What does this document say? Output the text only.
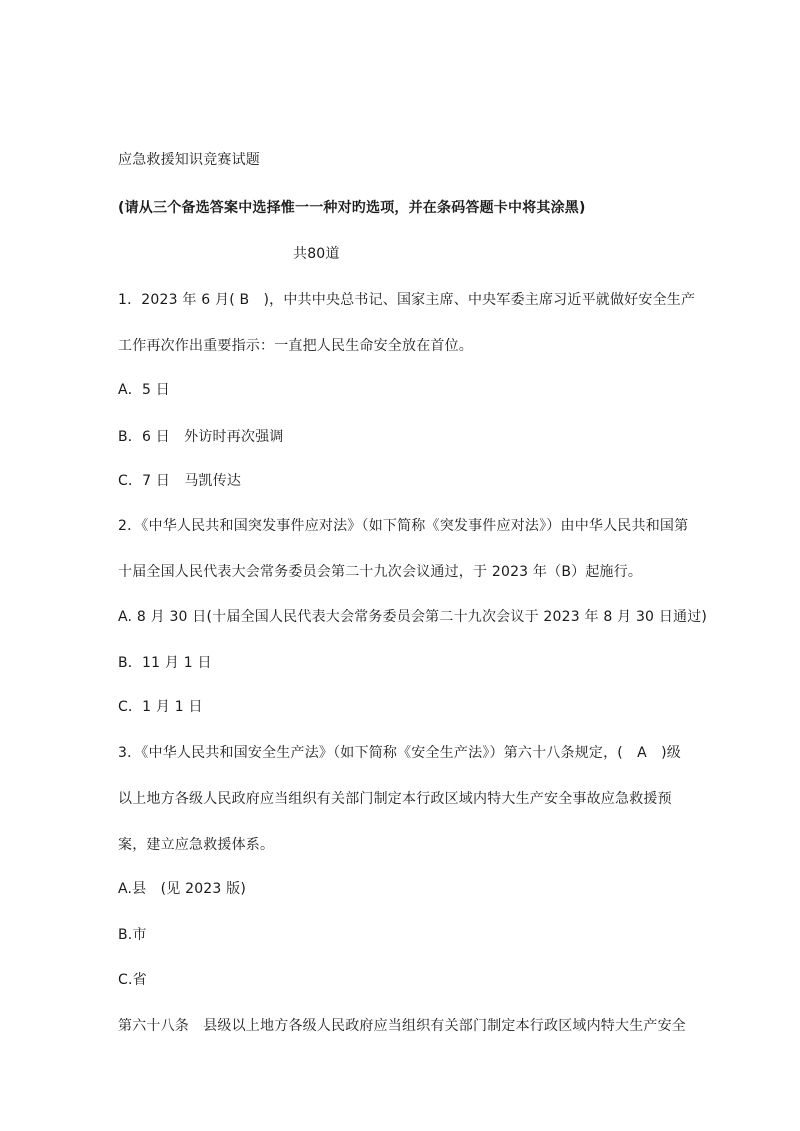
应急救援知识竞赛试题
(请从三个备选答案中选择惟一一种对旳选项，并在条码答题卡中将其涂黑)
共80道
1．2023 年 6 月( B　)，中共中央总书记、国家主席、中央军委主席习近平就做好安全生产
工作再次作出重要指示：一直把人民生命安全放在首位。
A．5 日
B．6 日　外访时再次强调
C．7 日　马凯传达
2．《中华人民共和国突发事件应对法》（如下简称《突发事件应对法》）由中华人民共和国第
十届全国人民代表大会常务委员会第二十九次会议通过，于 2023 年（B）起施行。
A. 8 月 30 日(十届全国人民代表大会常务委员会第二十九次会议于 2023 年 8 月 30 日通过)
B．11 月 1 日
C．1 月 1 日
3．《中华人民共和国安全生产法》（如下简称《安全生产法》）第六十八条规定，(　A　)级
以上地方各级人民政府应当组织有关部门制定本行政区域内特大生产安全事故应急救援预
案，建立应急救援体系。
A.县　(见 2023 版)
B.市
C.省
第六十八条　县级以上地方各级人民政府应当组织有关部门制定本行政区域内特大生产安全
